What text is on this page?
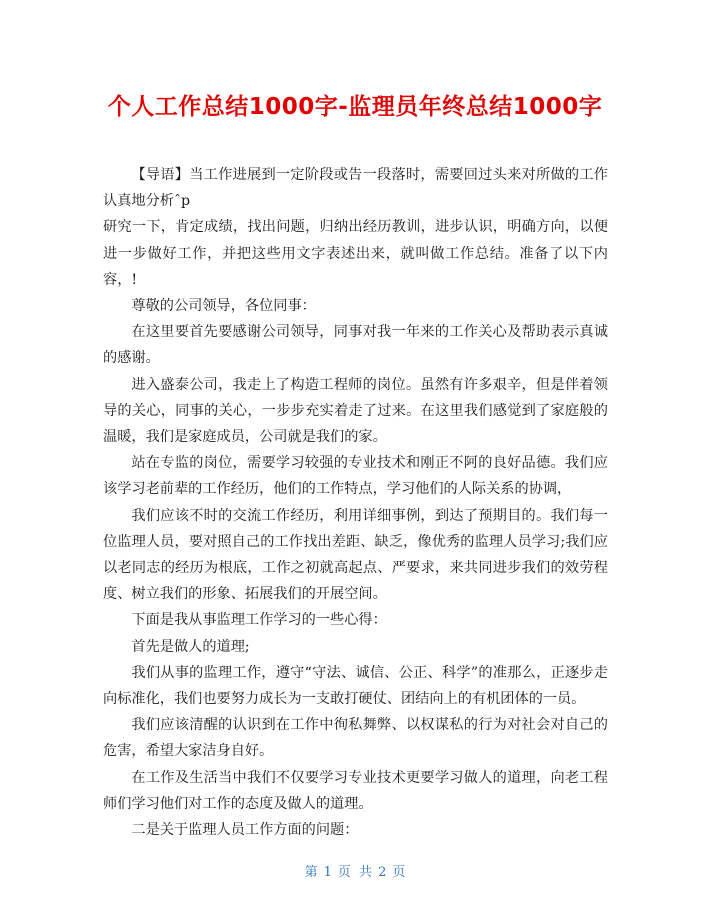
个人工作总结1000字-监理员年终总结1000字

【导语】当工作进展到一定阶段或告一段落时，需要回过头来对所做的工作认真地分析ˆp

研究一下，肯定成绩，找出问题，归纳出经历教训，进步认识，明确方向，以便进一步做好工作，并把这些用文字表述出来，就叫做工作总结。准备了以下内容，!

尊敬的公司领导，各位同事：

在这里要首先要感谢公司领导，同事对我一年来的工作关心及帮助表示真诚的感谢。

进入盛泰公司，我走上了构造工程师的岗位。虽然有许多艰辛，但是伴着领导的关心，同事的关心，一步步充实着走了过来。在这里我们感觉到了家庭般的温暖，我们是家庭成员，公司就是我们的家。

站在专监的岗位，需要学习较强的专业技术和刚正不阿的良好品德。我们应该学习老前辈的工作经历，他们的工作特点，学习他们的人际关系的协调，

我们应该不时的交流工作经历，利用详细事例，到达了预期目的。我们每一位监理人员，要对照自己的工作找出差距、缺乏，像优秀的监理人员学习;我们应以老同志的经历为根底，工作之初就高起点、严要求，来共同进步我们的效劳程度、树立我们的形象、拓展我们的开展空间。

下面是我从事监理工作学习的一些心得：

首先是做人的道理;

我们从事的监理工作，遵守“守法、诚信、公正、科学”的准那么，正逐步走向标准化，我们也要努力成长为一支敢打硬仗、团结向上的有机团体的一员。

我们应该清醒的认识到在工作中徇私舞弊、以权谋私的行为对社会对自己的危害，希望大家洁身自好。

在工作及生活当中我们不仅要学习专业技术更要学习做人的道理，向老工程师们学习他们对工作的态度及做人的道理。

二是关于监理人员工作方面的问题：

第 1 页 共 2 页
